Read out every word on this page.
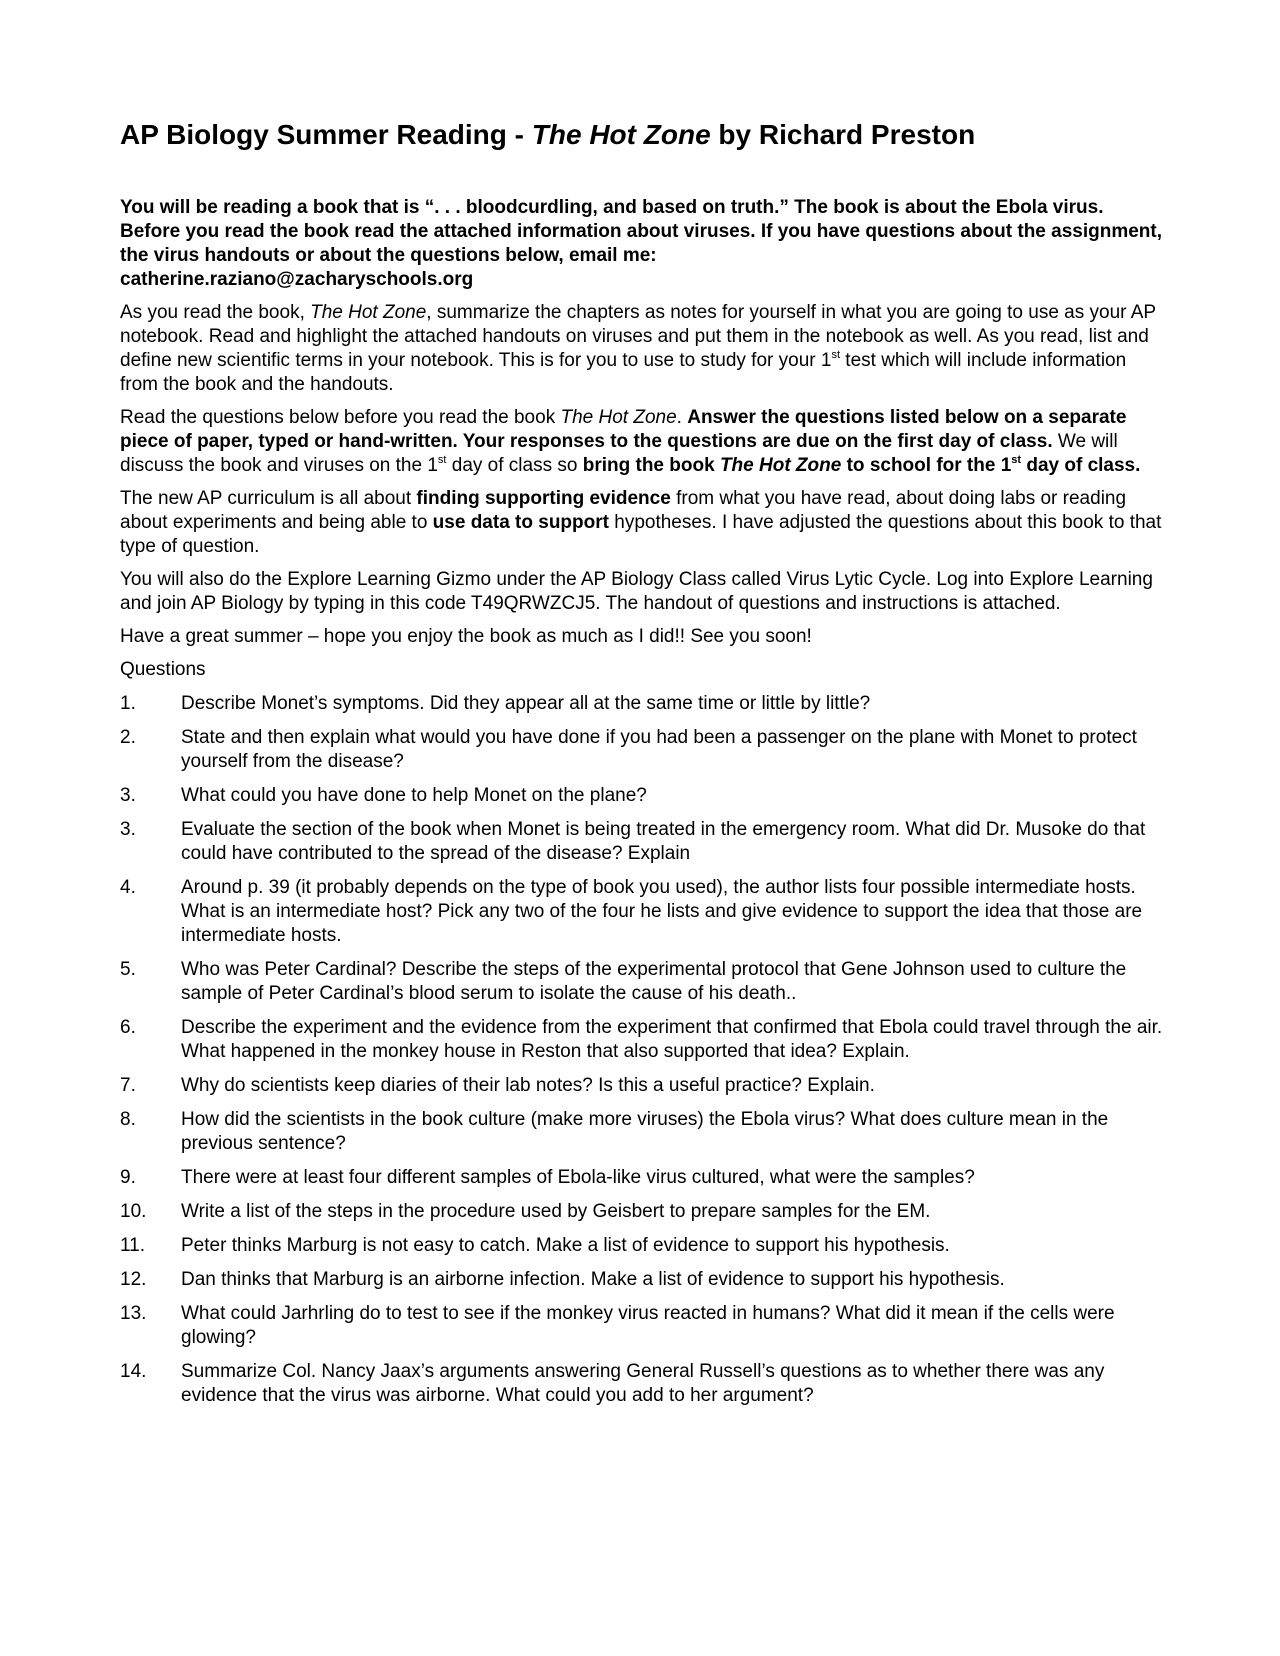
AP Biology Summer Reading - The Hot Zone by Richard Preston

You will be reading a book that is “. . . bloodcurdling, and based on truth.” The book is about the Ebola virus. Before you read the book read the attached information about viruses. If you have questions about the assignment, the virus handouts or about the questions below, email me:
catherine.raziano@zacharyschools.org

As you read the book, The Hot Zone, summarize the chapters as notes for yourself in what you are going to use as your AP notebook. Read and highlight the attached handouts on viruses and put them in the notebook as well. As you read, list and define new scientific terms in your notebook. This is for you to use to study for your 1st test which will include information from the book and the handouts.

Read the questions below before you read the book The Hot Zone. Answer the questions listed below on a separate piece of paper, typed or hand-written. Your responses to the questions are due on the first day of class. We will discuss the book and viruses on the 1st day of class so bring the book The Hot Zone to school for the 1st day of class.

The new AP curriculum is all about finding supporting evidence from what you have read, about doing labs or reading about experiments and being able to use data to support hypotheses. I have adjusted the questions about this book to that type of question.

You will also do the Explore Learning Gizmo under the AP Biology Class called Virus Lytic Cycle. Log into Explore Learning and join AP Biology by typing in this code T49QRWZCJ5. The handout of questions and instructions is attached.

Have a great summer – hope you enjoy the book as much as I did!! See you soon!

Questions
1.	Describe Monet’s symptoms. Did they appear all at the same time or little by little?
2.	State and then explain what would you have done if you had been a passenger on the plane with Monet to protect yourself from the disease?
3.	What could you have done to help Monet on the plane?
3.	Evaluate the section of the book when Monet is being treated in the emergency room. What did Dr. Musoke do that could have contributed to the spread of the disease? Explain
4.	Around p. 39 (it probably depends on the type of book you used), the author lists four possible intermediate hosts. What is an intermediate host? Pick any two of the four he lists and give evidence to support the idea that those are intermediate hosts.
5.	Who was Peter Cardinal? Describe the steps of the experimental protocol that Gene Johnson used to culture the sample of Peter Cardinal’s blood serum to isolate the cause of his death..
6.	Describe the experiment and the evidence from the experiment that confirmed that Ebola could travel through the air. What happened in the monkey house in Reston that also supported that idea? Explain.
7.	Why do scientists keep diaries of their lab notes? Is this a useful practice? Explain.
8.	How did the scientists in the book culture (make more viruses) the Ebola virus? What does culture mean in the previous sentence?
9.	There were at least four different samples of Ebola-like virus cultured, what were the samples?
10.	Write a list of the steps in the procedure used by Geisbert to prepare samples for the EM.
11.	Peter thinks Marburg is not easy to catch. Make a list of evidence to support his hypothesis.
12.	Dan thinks that Marburg is an airborne infection. Make a list of evidence to support his hypothesis.
13.	What could Jarhrling do to test to see if the monkey virus reacted in humans? What did it mean if the cells were glowing?
14.	Summarize Col. Nancy Jaax’s arguments answering General Russell’s questions as to whether there was any evidence that the virus was airborne. What could you add to her argument?
